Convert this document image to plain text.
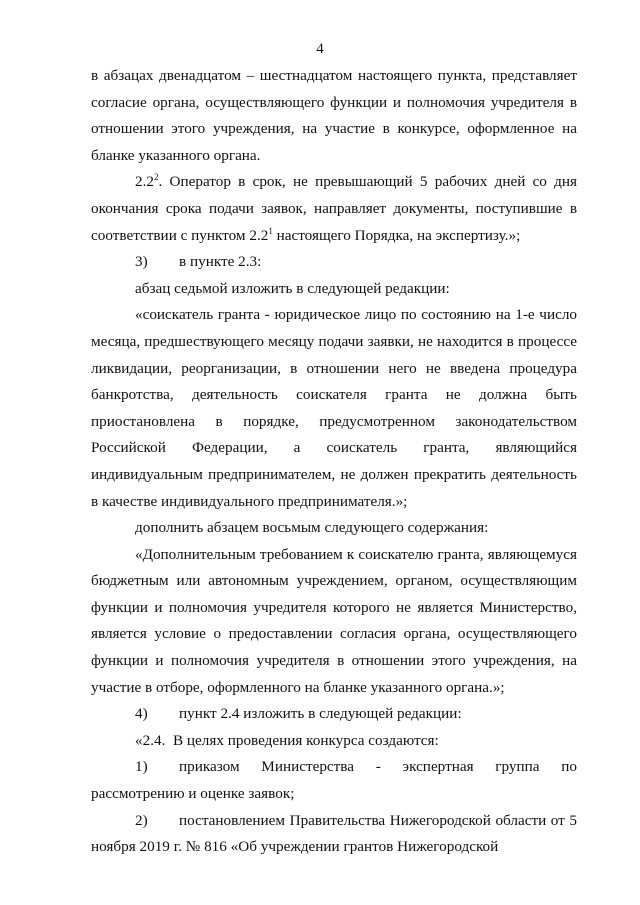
4

в абзацах двенадцатом – шестнадцатом настоящего пункта, представляет согласие органа, осуществляющего функции и полномочия учредителя в отношении этого учреждения, на участие в конкурсе, оформленное на бланке указанного органа.

$2.2^2$. Оператор в срок, не превышающий 5 рабочих дней со дня окончания срока подачи заявок, направляет документы, поступившие в соответствии с пунктом $2.2^1$ настоящего Порядка, на экспертизу.»;

3) в пункте 2.3:

абзац седьмой изложить в следующей редакции:

«соискатель гранта - юридическое лицо по состоянию на 1-е число месяца, предшествующего месяцу подачи заявки, не находится в процессе ликвидации, реорганизации, в отношении него не введена процедура банкротства, деятельность соискателя гранта не должна быть приостановлена в порядке, предусмотренном законодательством Российской Федерации, а соискатель гранта, являющийся индивидуальным предпринимателем, не должен прекратить деятельность в качестве индивидуального предпринимателя.»;

дополнить абзацем восьмым следующего содержания:

«Дополнительным требованием к соискателю гранта, являющемуся бюджетным или автономным учреждением, органом, осуществляющим функции и полномочия учредителя которого не является Министерство, является условие о предоставлении согласия органа, осуществляющего функции и полномочия учредителя в отношении этого учреждения, на участие в отборе, оформленного на бланке указанного органа.»;

4) пункт 2.4 изложить в следующей редакции:

«2.4.  В целях проведения конкурса создаются:

1) приказом Министерства - экспертная группа по рассмотрению и оценке заявок;

2) постановлением Правительства Нижегородской области от 5 ноября 2019 г. № 816 «Об учреждении грантов Нижегородской
